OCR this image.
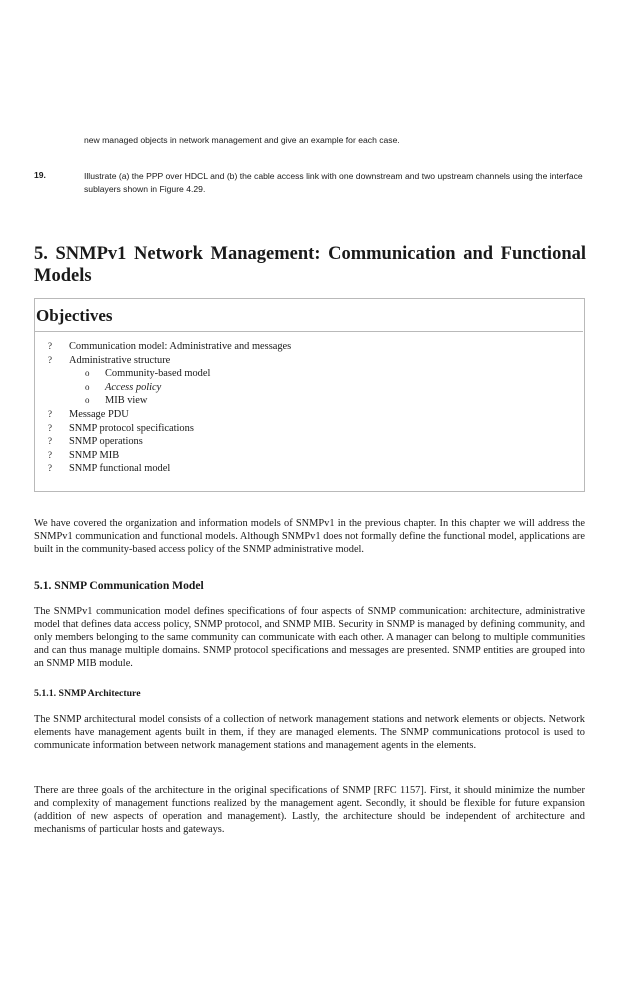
new managed objects in network management and give an example for each case.
19.	Illustrate (a) the PPP over HDCL and (b) the cable access link with one downstream and two upstream channels using the interface sublayers shown in Figure 4.29.
5. SNMPv1 Network Management: Communication and Functional
Models
Objectives
?	Communication model: Administrative and messages
?	Administrative structure
o	Community-based model
o	Access policy
o	MIB view
?	Message PDU
?	SNMP protocol specifications
?	SNMP operations
?	SNMP MIB
?	SNMP functional model

We have covered the organization and information models of SNMPv1 in the previous chapter. In this chapter we will address the SNMPv1 communication and functional models. Although SNMPv1 does not formally define the functional model, applications are built in the community-based access policy of the SNMP administrative model.

5.1. SNMP Communication Model

The SNMPv1 communication model defines specifications of four aspects of SNMP communication: architecture, administrative model that defines data access policy, SNMP protocol, and SNMP MIB. Security in SNMP is managed by defining community, and only members belonging to the same community can communicate with each other. A manager can belong to multiple communities and can thus manage multiple domains. SNMP protocol specifications and messages are presented. SNMP entities are grouped into an SNMP MIB module.

5.1.1. SNMP Architecture

The SNMP architectural model consists of a collection of network management stations and network elements or objects. Network elements have management agents built in them, if they are managed elements. The SNMP communications protocol is used to communicate information between network management stations and management agents in the elements.

There are three goals of the architecture in the original specifications of SNMP [RFC 1157]. First, it should minimize the number and complexity of management functions realized by the management agent. Secondly, it should be flexible for future expansion (addition of new aspects of operation and management). Lastly, the architecture should be independent of architecture and mechanisms of particular hosts and gateways.
